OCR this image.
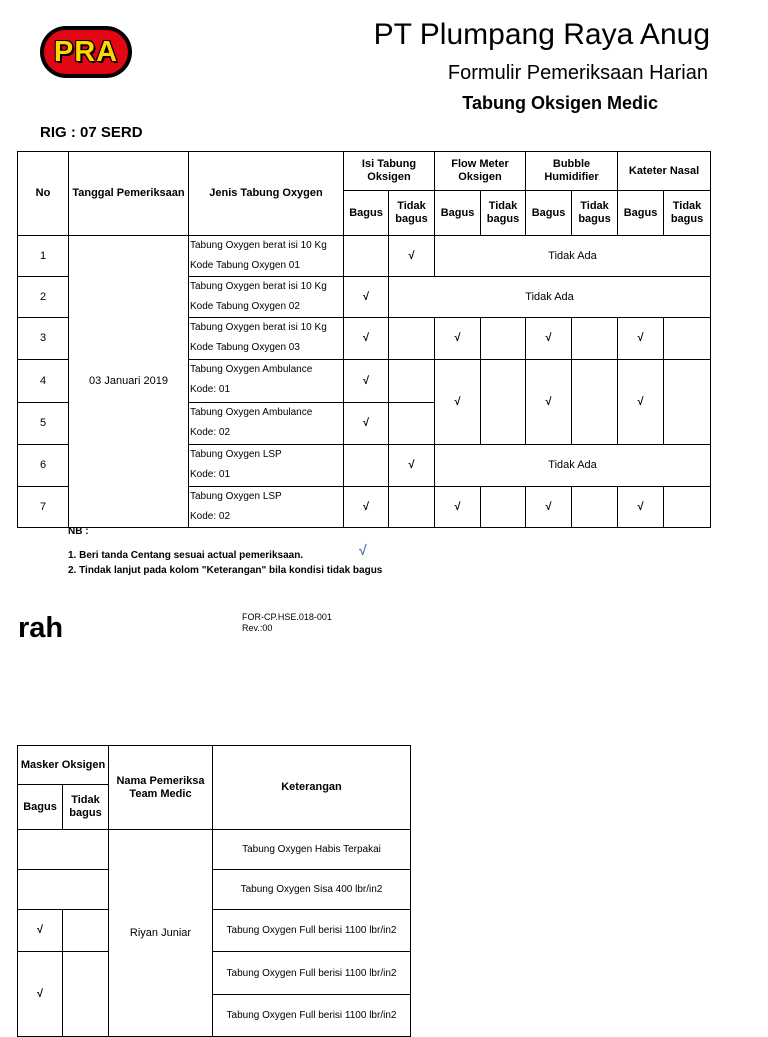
PRA
PT Plumpang Raya Anug
Formulir Pemeriksaan Harian
Tabung Oksigen Medic
RIG : 07 SERD
No	Tanggal Pemeriksaan	Jenis Tabung Oxygen	Isi Tabung Oksigen		Flow Meter Oksigen		Bubble Humidifier		Kateter Nasal	
			Bagus	Tidak bagus	Bagus	Tidak bagus	Bagus	Tidak bagus	Bagus	Tidak bagus
1	03 Januari 2019	Tabung Oxygen berat isi 10 Kg
Kode Tabung Oxygen 01		√	Tidak Ada					
2		Tabung Oxygen berat isi 10 Kg
Kode Tabung Oxygen 02	√	Tidak Ada						
3		Tabung Oxygen berat isi 10 Kg
Kode Tabung Oxygen 03	√		√		√		√	
4		Tabung Oxygen Ambulance
Kode: 01	√		√		√		√	
5		Tabung Oxygen Ambulance
Kode: 02	√							
6		Tabung Oxygen LSP
Kode: 01		√	Tidak Ada					
7		Tabung Oxygen LSP
Kode: 02	√		√		√		√	
NB :
√
1. Beri tanda Centang sesuai actual pemeriksaan.
2. Tindak lanjut pada kolom "Keterangan" bila kondisi tidak bagus
rah	FOR-CP.HSE.018-001
Rev.:00
Masker Oksigen		Nama Pemeriksa Team Medic	Keterangan
Bagus	Tidak bagus		
		Riyan Juniar	Tabung Oxygen Habis Terpakai
			Tabung Oxygen Sisa 400 lbr/in2
√			Tabung Oxygen Full berisi 1100 lbr/in2
√			Tabung Oxygen Full berisi 1100 lbr/in2
			Tabung Oxygen Full berisi 1100 lbr/in2
